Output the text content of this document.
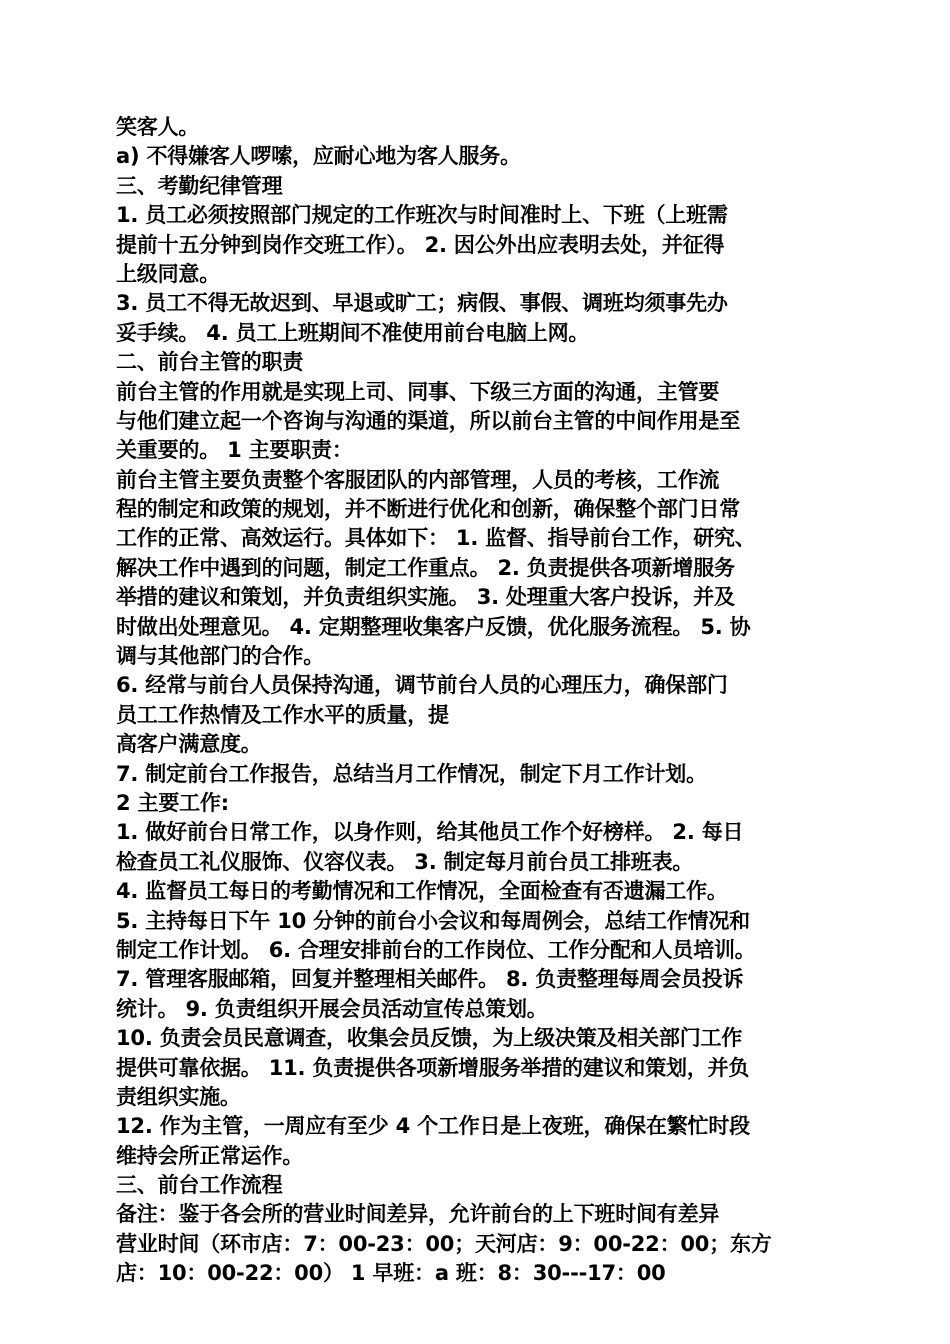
笑客人。
a) 不得嫌客人啰嗦，应耐心地为客人服务。
三、考勤纪律管理
1. 员工必须按照部门规定的工作班次与时间准时上、下班（上班需
提前十五分钟到岗作交班工作）。 2. 因公外出应表明去处，并征得
上级同意。
3. 员工不得无故迟到、早退或旷工；病假、事假、调班均须事先办
妥手续。 4. 员工上班期间不准使用前台电脑上网。
二、前台主管的职责
前台主管的作用就是实现上司、同事、下级三方面的沟通，主管要
与他们建立起一个咨询与沟通的渠道，所以前台主管的中间作用是至
关重要的。 1 主要职责：
前台主管主要负责整个客服团队的内部管理，人员的考核，工作流
程的制定和政策的规划，并不断进行优化和创新，确保整个部门日常
工作的正常、高效运行。具体如下： 1. 监督、指导前台工作，研究、
解决工作中遇到的问题，制定工作重点。 2. 负责提供各项新增服务
举措的建议和策划，并负责组织实施。 3. 处理重大客户投诉，并及
时做出处理意见。 4. 定期整理收集客户反馈，优化服务流程。 5. 协
调与其他部门的合作。
6. 经常与前台人员保持沟通，调节前台人员的心理压力，确保部门
员工工作热情及工作水平的质量，提
高客户满意度。
7. 制定前台工作报告，总结当月工作情况，制定下月工作计划。
2 主要工作:
1. 做好前台日常工作，以身作则，给其他员工作个好榜样。 2. 每日
检查员工礼仪服饰、仪容仪表。 3. 制定每月前台员工排班表。
4. 监督员工每日的考勤情况和工作情况，全面检查有否遗漏工作。
5. 主持每日下午 10 分钟的前台小会议和每周例会，总结工作情况和
制定工作计划。 6. 合理安排前台的工作岗位、工作分配和人员培训。
7. 管理客服邮箱，回复并整理相关邮件。 8. 负责整理每周会员投诉
统计。 9. 负责组织开展会员活动宣传总策划。
10. 负责会员民意调查，收集会员反馈，为上级决策及相关部门工作
提供可靠依据。 11. 负责提供各项新增服务举措的建议和策划，并负
责组织实施。
12. 作为主管，一周应有至少 4 个工作日是上夜班，确保在繁忙时段
维持会所正常运作。
三、前台工作流程
备注：鉴于各会所的营业时间差异，允许前台的上下班时间有差异
营业时间（环市店：7：00-23：00；天河店：9：00-22：00；东方
店：10：00-22：00） 1 早班：a 班：8：30---17：00
